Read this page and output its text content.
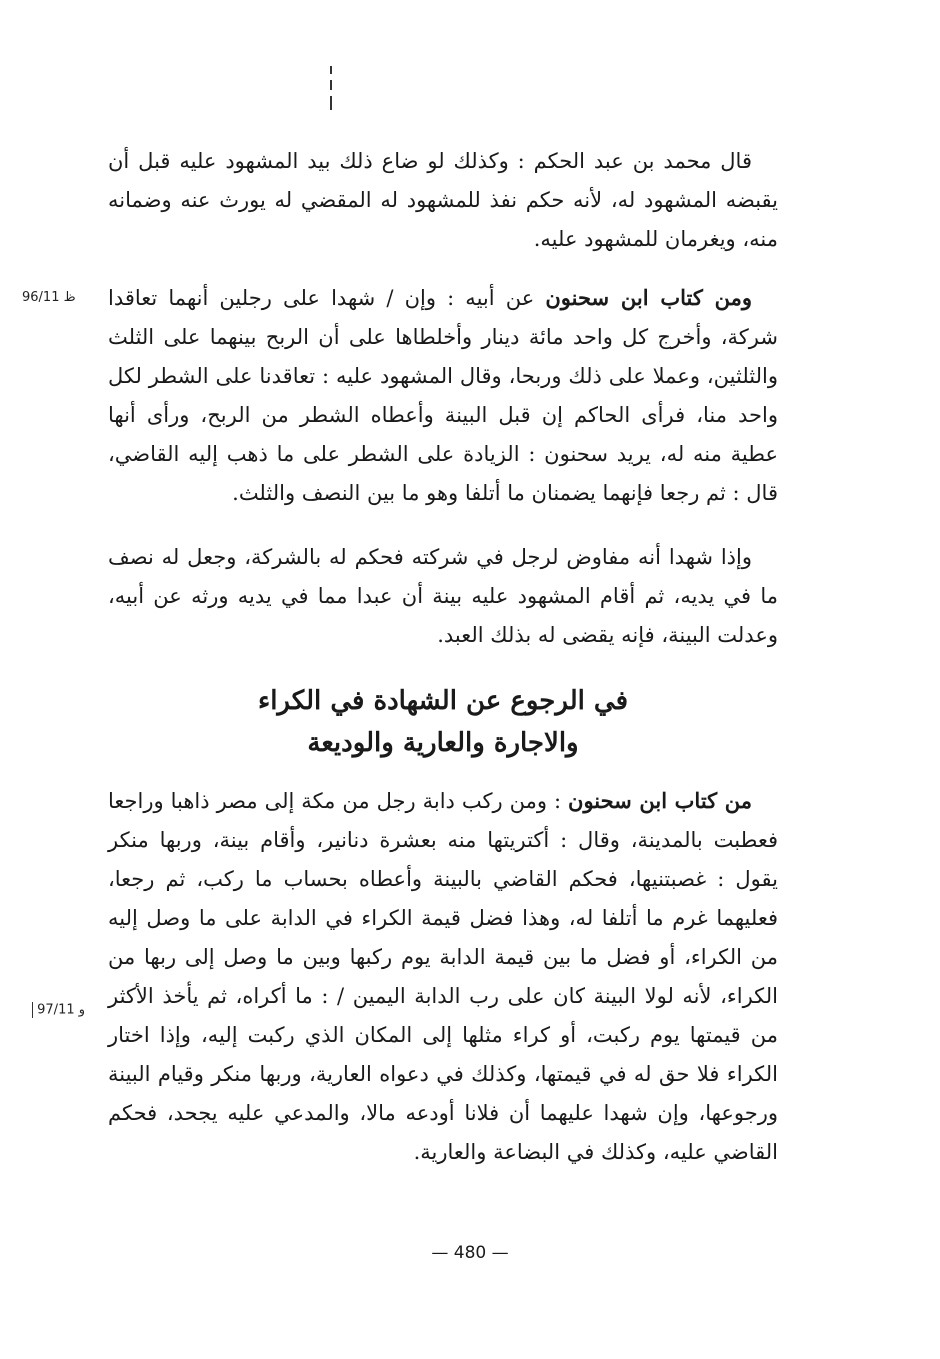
96/11 ظ
97/11 و

قال محمد بن عبد الحكم : وكذلك لو ضاع ذلك بيد المشهود عليه قبل أن يقبضه المشهود له، لأنه حكم نفذ للمشهود له المقضي له يورث عنه وضمانه منه، ويغرمان للمشهود عليه.

ومن كتاب ابن سحنون عن أبيه : وإن / شهدا على رجلين أنهما تعاقدا شركة، وأخرج كل واحد مائة دينار وأخلطاها على أن الربح بينهما على الثلث والثلثين، وعملا على ذلك وربحا، وقال المشهود عليه : تعاقدنا على الشطر لكل واحد منا، فرأى الحاكم إن قبل البينة وأعطاه الشطر من الربح، ورأى أنها عطية منه له، يريد سحنون : الزيادة على الشطر على ما ذهب إليه القاضي، قال : ثم رجعا فإنهما يضمنان ما أتلفا وهو ما بين النصف والثلث.

وإذا شهدا أنه مفاوض لرجل في شركته فحكم له بالشركة، وجعل له نصف ما في يديه، ثم أقام المشهود عليه بينة أن عبدا مما في يديه ورثه عن أبيه، وعدلت البينة، فإنه يقضى له بذلك العبد.

في الرجوع عن الشهادة في الكراء
والاجارة والعارية والوديعة

من كتاب ابن سحنون : ومن ركب دابة رجل من مكة إلى مصر ذاهبا وراجعا فعطبت بالمدينة، وقال : أكتريتها منه بعشرة دنانير، وأقام بينة، وربها منكر يقول : غصبتنيها، فحكم القاضي بالبينة وأعطاه بحساب ما ركب، ثم رجعا، فعليهما غرم ما أتلفا له، وهذا فضل قيمة الكراء في الدابة على ما وصل إليه من الكراء، أو فضل ما بين قيمة الدابة يوم ركبها وبين ما وصل إلى ربها من الكراء، لأنه لولا البينة كان على رب الدابة اليمين / : ما أكراه، ثم يأخذ الأكثر من قيمتها يوم ركبت، أو كراء مثلها إلى المكان الذي ركبت إليه، وإذا اختار الكراء فلا حق له في قيمتها، وكذلك في دعواه العارية، وربها منكر وقيام البينة ورجوعها، وإن شهدا عليهما أن فلانا أودعه مالا، والمدعي عليه يجحد، فحكم القاضي عليه، وكذلك في البضاعة والعارية.

— 480 —
